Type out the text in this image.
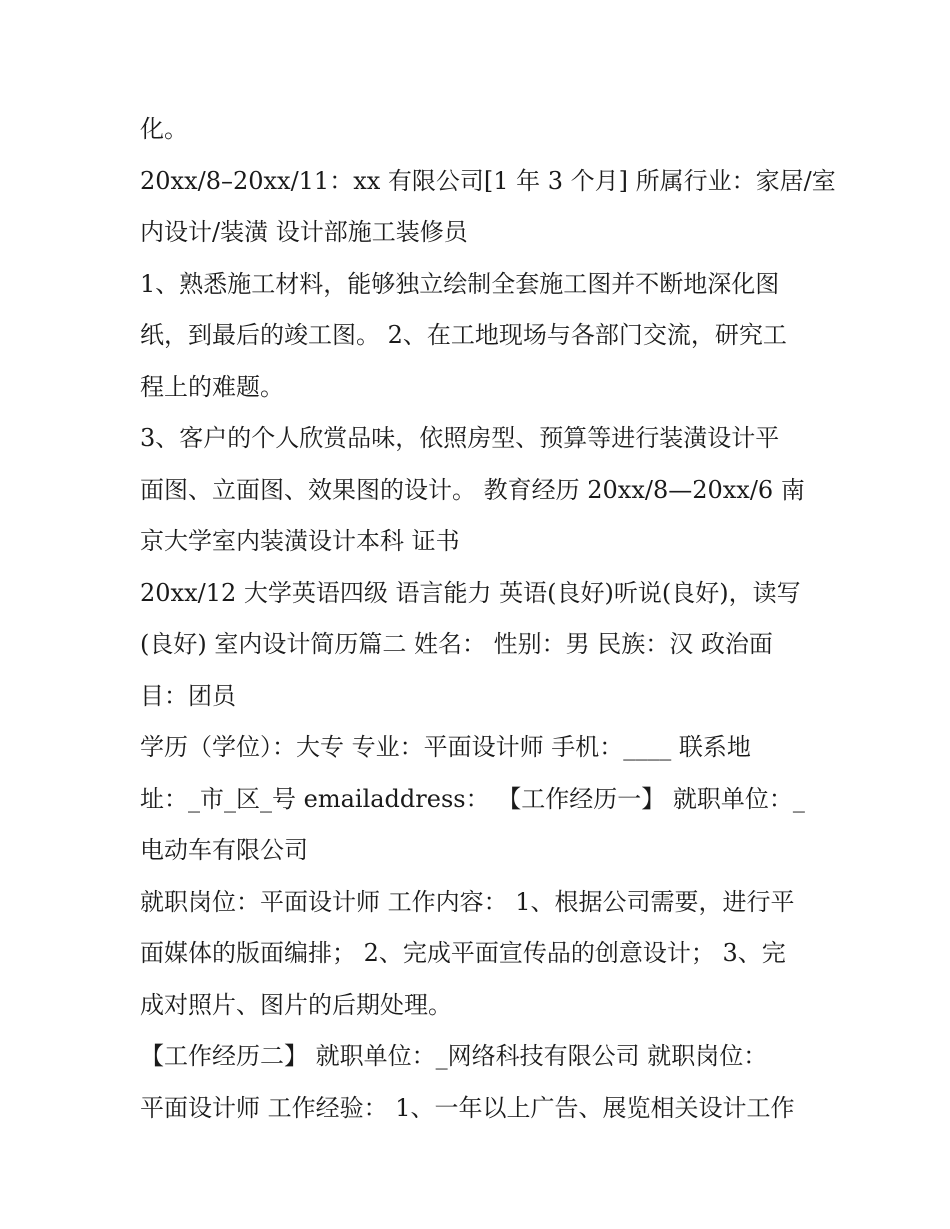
化。
20xx/8–20xx/11：xx 有限公司[1 年 3 个月] 所属行业：家居/室
内设计/装潢 设计部施工装修员
1、熟悉施工材料，能够独立绘制全套施工图并不断地深化图
纸，到最后的竣工图。 2、在工地现场与各部门交流，研究工
程上的难题。
3、客户的个人欣赏品味，依照房型、预算等进行装潢设计平
面图、立面图、效果图的设计。 教育经历 20xx/8—20xx/6 南
京大学室内装潢设计本科 证书
20xx/12 大学英语四级 语言能力 英语(良好)听说(良好)，读写
(良好) 室内设计简历篇二 姓名： 性别：男 民族：汉 政治面
目：团员
学历（学位）：大专 专业：平面设计师 手机：____ 联系地
址：_市_区_号 emailaddress： 【工作经历一】 就职单位：_
电动车有限公司
就职岗位：平面设计师 工作内容： 1、根据公司需要，进行平
面媒体的版面编排； 2、完成平面宣传品的创意设计； 3、完
成对照片、图片的后期处理。
【工作经历二】 就职单位：_网络科技有限公司 就职岗位：
平面设计师 工作经验： 1、一年以上广告、展览相关设计工作
